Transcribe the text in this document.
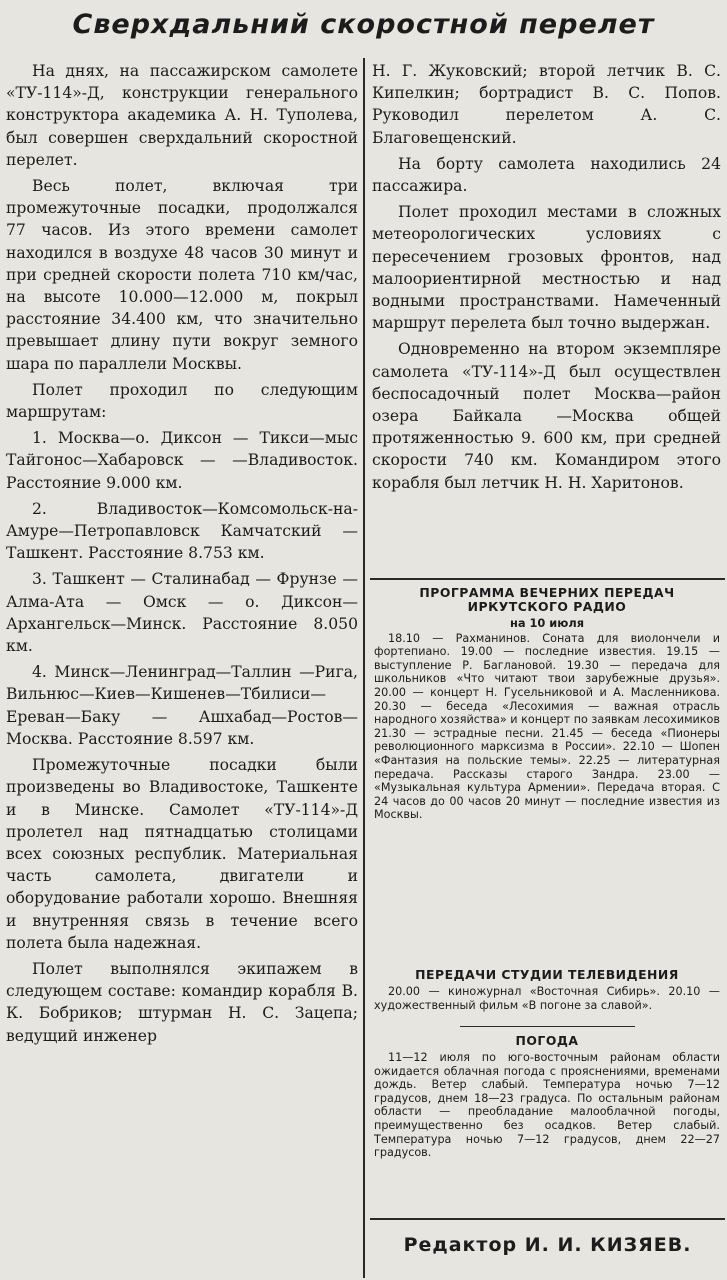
Сверхдальний скоростной перелет

На днях, на пассажирском самолете «ТУ-114»-Д, конструкции генерального конструктора академика А. Н. Туполева, был совершен сверхдальний скоростной перелет.

Весь полет, включая три промежуточные посадки, продолжался 77 часов. Из этого времени самолет находился в воздухе 48 часов 30 минут и при средней скорости полета 710 км/час, на высоте 10.000—12.000 м, покрыл расстояние 34.400 км, что значительно превышает длину пути вокруг земного шара по параллели Москвы.

Полет проходил по следующим маршрутам:

1. Москва—о. Диксон — Тикси—мыс Тайгонос—Хабаровск — —Владивосток. Расстояние 9.000 км.

2. Владивосток—Комсомольск-на-Амуре—Петропавловск Камчатский — Ташкент. Расстояние 8.753 км.

3. Ташкент — Сталинабад — Фрунзе — Алма-Ата — Омск — о. Диксон—Архангельск—Минск. Расстояние 8.050 км.

4. Минск—Ленинград—Таллин —Рига, Вильнюс—Киев—Кишенев—Тбилиси—Ереван—Баку — Ашхабад—Ростов—Москва. Расстояние 8.597 км.

Промежуточные посадки были произведены во Владивостоке, Ташкенте и в Минске. Самолет «ТУ-114»-Д пролетел над пятнадцатью столицами всех союзных республик. Материальная часть самолета, двигатели и оборудование работали хорошо. Внешняя и внутренняя связь в течение всего полета была надежная.

Полет выполнялся экипажем в следующем составе: командир корабля В. К. Бобриков; штурман Н. С. Зацепа; ведущий инженер

Н. Г. Жуковский; второй летчик В. С. Кипелкин; бортрадист В. С. Попов. Руководил перелетом А. С. Благовещенский.

На борту самолета находились 24 пассажира.

Полет проходил местами в сложных метеорологических условиях с пересечением грозовых фронтов, над малоориентирной местностью и над водными пространствами. Намеченный маршрут перелета был точно выдержан.

Одновременно на втором экземпляре самолета «ТУ-114»-Д был осуществлен беспосадочный полет Москва—район озера Байкала —Москва общей протяженностью 9. 600 км, при средней скорости 740 км. Командиром этого корабля был летчик Н. Н. Харитонов.

ПРОГРАММА ВЕЧЕРНИХ ПЕРЕДАЧ ИРКУТСКОГО РАДИО
на 10 июля

18.10 — Рахманинов. Соната для виолончели и фортепиано. 19.00 — последние известия. 19.15 — выступление Р. Баглановой. 19.30 — передача для школьников «Что читают твои зарубежные друзья». 20.00 — концерт Н. Гусельниковой и А. Масленникова. 20.30 — беседа «Лесохимия — важная отрасль народного хозяйства» и концерт по заявкам лесохимиков 21.30 — эстрадные песни. 21.45 — беседа «Пионеры революционного марксизма в России». 22.10 — Шопен «Фантазия на польские темы». 22.25 — литературная передача. Рассказы старого Зандра. 23.00 — «Музыкальная культура Армении». Передача вторая. С 24 часов до 00 часов 20 минут — последние известия из Москвы.

ПЕРЕДАЧИ СТУДИИ ТЕЛЕВИДЕНИЯ

20.00 — киножурнал «Восточная Сибирь». 20.10 — художественный фильм «В погоне за славой».

ПОГОДА

11—12 июля по юго-восточным районам области ожидается облачная погода с прояснениями, временами дождь. Ветер слабый. Температура ночью 7—12 градусов, днем 18—23 градуса. По остальным районам области — преобладание малооблачной погоды, преимущественно без осадков. Ветер слабый. Температура ночью 7—12 градусов, днем 22—27 градусов.

Редактор И. И. КИЗЯЕВ.
